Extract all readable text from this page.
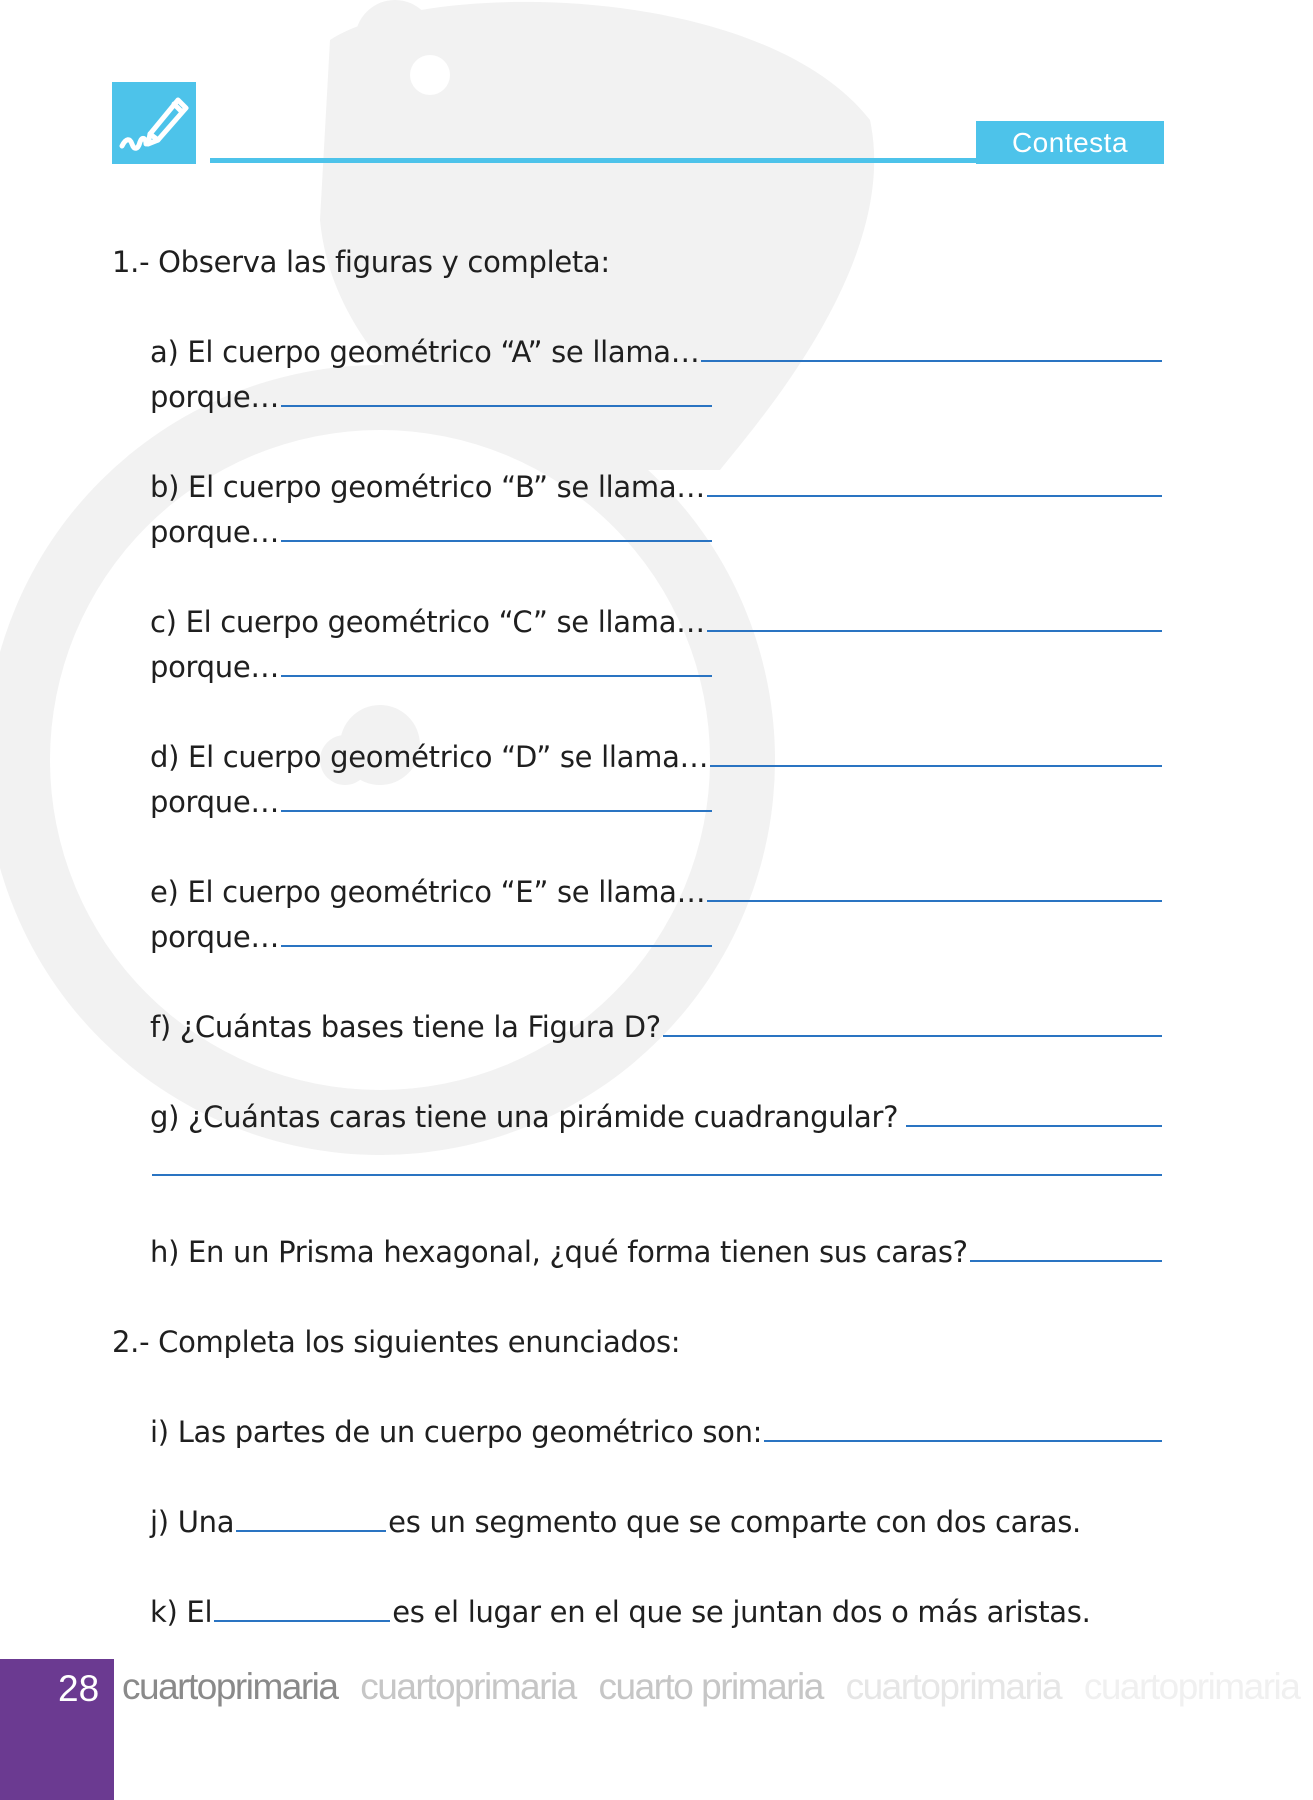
Contesta
1.- Observa las figuras y completa:
a) El cuerpo geométrico “A” se llama…
porque…
b) El cuerpo geométrico “B” se llama…
porque…
c) El cuerpo geométrico “C” se llama…
porque…
d) El cuerpo geométrico “D” se llama…
porque…
e) El cuerpo geométrico “E” se llama…
porque…
f) ¿Cuántas bases tiene la Figura D?
g) ¿Cuántas caras tiene una pirámide cuadrangular?
h) En un Prisma hexagonal, ¿qué forma tienen sus caras?
2.- Completa los siguientes enunciados:
i) Las partes de un cuerpo geométrico son:
j) Una	es un segmento que se comparte con dos caras.
k) El	es el lugar en el que se juntan dos o más aristas.
28 cuartoprimaria cuartoprimaria cuarto primaria cuartoprimaria cuartoprimaria
